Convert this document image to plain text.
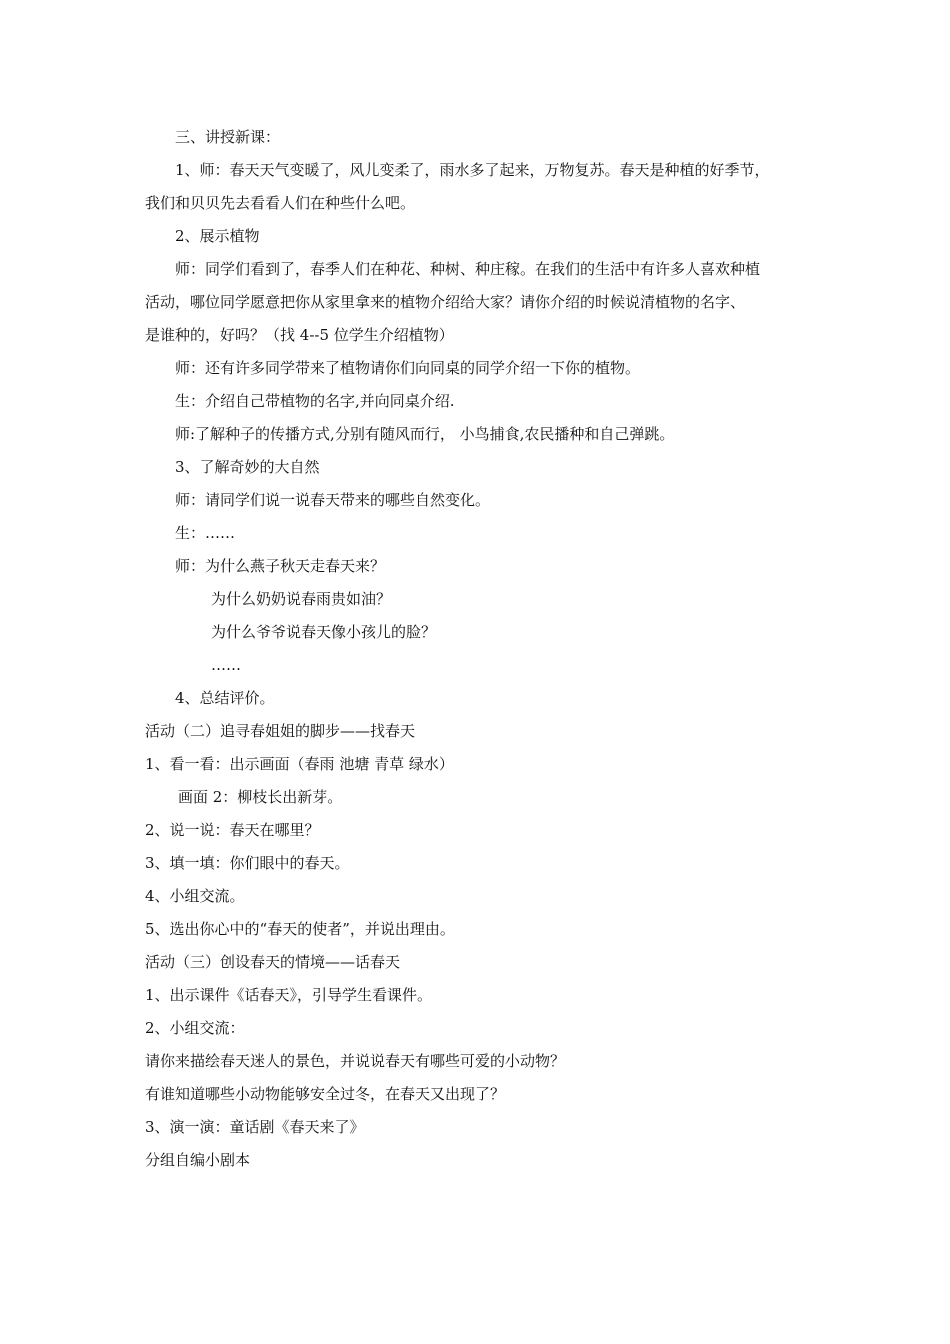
三、讲授新课：
1、师：春天天气变暖了，风儿变柔了，雨水多了起来，万物复苏。春天是种植的好季节，
我们和贝贝先去看看人们在种些什么吧。
2、展示植物
师：同学们看到了，春季人们在种花、种树、种庄稼。在我们的生活中有许多人喜欢种植
活动，哪位同学愿意把你从家里拿来的植物介绍给大家？请你介绍的时候说清植物的名字、
是谁种的，好吗？（找 4--5 位学生介绍植物）
师：还有许多同学带来了植物请你们向同桌的同学介绍一下你的植物。
生：介绍自己带植物的名字,并向同桌介绍.
师:了解种子的传播方式,分别有随风而行， 小鸟捕食,农民播种和自己弹跳。
3、了解奇妙的大自然
师：请同学们说一说春天带来的哪些自然变化。
生：……
师：为什么燕子秋天走春天来？
为什么奶奶说春雨贵如油？
为什么爷爷说春天像小孩儿的脸？
……
4、总结评价。
活动（二）追寻春姐姐的脚步——找春天
1、看一看：出示画面（春雨 池塘 青草 绿水）
画面 2：柳枝长出新芽。
2、说一说：春天在哪里？
3、填一填：你们眼中的春天。
4、小组交流。
5、选出你心中的“春天的使者”，并说出理由。
活动（三）创设春天的情境——话春天
1、出示课件《话春天》，引导学生看课件。
2、小组交流：
请你来描绘春天迷人的景色，并说说春天有哪些可爱的小动物？
有谁知道哪些小动物能够安全过冬，在春天又出现了？
3、演一演：童话剧《春天来了》
分组自编小剧本
